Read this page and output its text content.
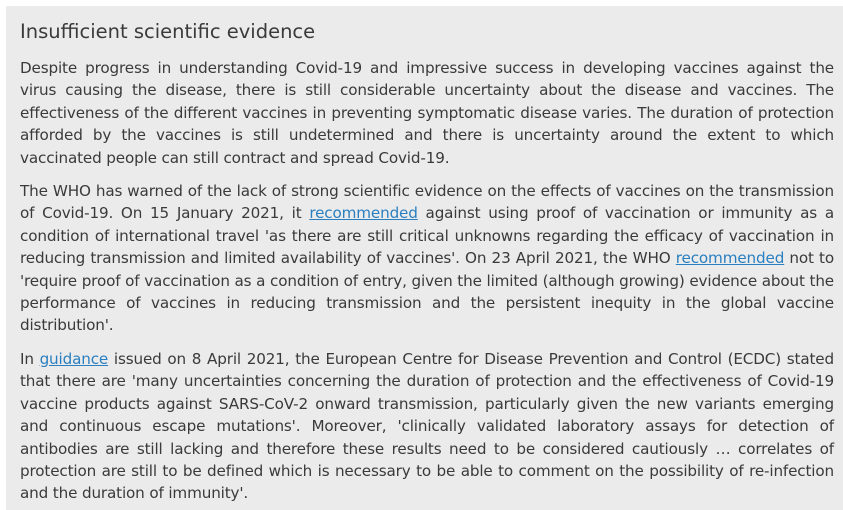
Insufficient scientific evidence

Despite progress in understanding Covid-19 and impressive success in developing vaccines against the virus causing the disease, there is still considerable uncertainty about the disease and vaccines. The effectiveness of the different vaccines in preventing symptomatic disease varies. The duration of protection afforded by the vaccines is still undetermined and there is uncertainty around the extent to which vaccinated people can still contract and spread Covid-19.

The WHO has warned of the lack of strong scientific evidence on the effects of vaccines on the transmission of Covid-19. On 15 January 2021, it recommended against using proof of vaccination or immunity as a condition of international travel 'as there are still critical unknowns regarding the efficacy of vaccination in reducing transmission and limited availability of vaccines'. On 23 April 2021, the WHO recommended not to 'require proof of vaccination as a condition of entry, given the limited (although growing) evidence about the performance of vaccines in reducing transmission and the persistent inequity in the global vaccine distribution'.

In guidance issued on 8 April 2021, the European Centre for Disease Prevention and Control (ECDC) stated that there are 'many uncertainties concerning the duration of protection and the effectiveness of Covid-19 vaccine products against SARS-CoV-2 onward transmission, particularly given the new variants emerging and continuous escape mutations'. Moreover, 'clinically validated laboratory assays for detection of antibodies are still lacking and therefore these results need to be considered cautiously … correlates of protection are still to be defined which is necessary to be able to comment on the possibility of re-infection and the duration of immunity'.
